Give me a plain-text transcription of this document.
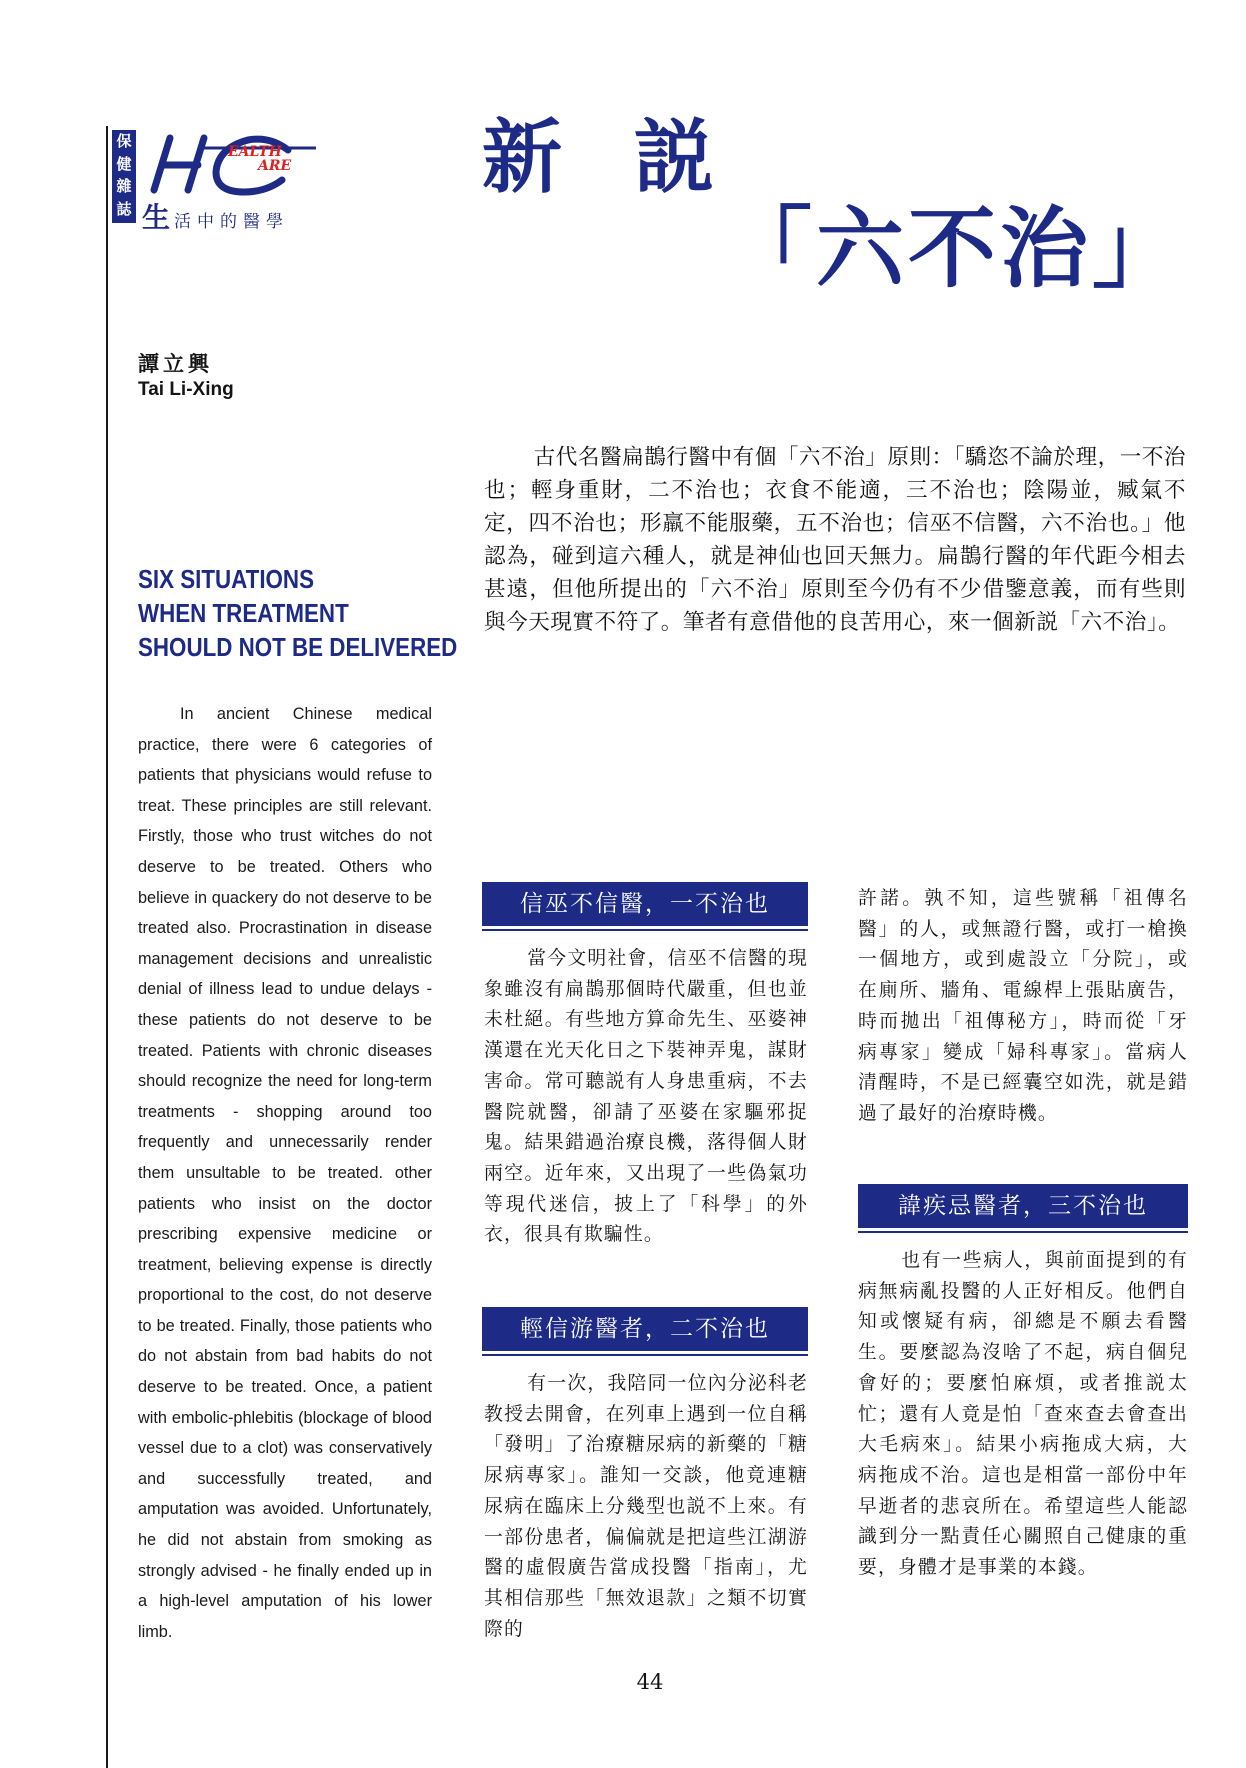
保
健
雜
誌
EALTH
ARE
生活中的醫學
新 説
「六不治」
譚立興
Tai Li-Xing
SIX SITUATIONS
WHEN TREATMENT
SHOULD NOT BE DELIVERED

In ancient Chinese medical practice, there were 6 categories of patients that physicians would refuse to treat. These principles are still relevant. Firstly, those who trust witches do not deserve to be treated. Others who believe in quackery do not deserve to be treated also. Procrastination in disease management decisions and unrealistic denial of illness lead to undue delays - these patients do not deserve to be treated. Patients with chronic diseases should recognize the need for long-term treatments - shopping around too frequently and unnecessarily render them unsultable to be treated. other patients who insist on the doctor prescribing expensive medicine or treatment, believing expense is directly proportional to the cost, do not deserve to be treated. Finally, those patients who do not abstain from bad habits do not deserve to be treated. Once, a patient with embolic-phlebitis (blockage of blood vessel due to a clot) was conservatively and successfully treated, and amputation was avoided. Unfortunately, he did not abstain from smoking as strongly advised - he finally ended up in a high-level amputation of his lower limb.

古代名醫扁鵲行醫中有個「六不治」原則：「驕恣不論於理，一不治也；輕身重財，二不治也；衣食不能適，三不治也；陰陽並，臧氣不定，四不治也；形羸不能服藥，五不治也；信巫不信醫，六不治也。」他認為，碰到這六種人，就是神仙也回天無力。扁鵲行醫的年代距今相去甚遠，但他所提出的「六不治」原則至今仍有不少借鑒意義，而有些則與今天現實不符了。筆者有意借他的良苦用心，來一個新説「六不治」。

信巫不信醫，一不治也

當今文明社會，信巫不信醫的現象雖沒有扁鵲那個時代嚴重，但也並未杜絕。有些地方算命先生、巫婆神漢還在光天化日之下裝神弄鬼，謀財害命。常可聽説有人身患重病，不去醫院就醫，卻請了巫婆在家驅邪捉鬼。結果錯過治療良機，落得個人財兩空。近年來，又出現了一些偽氣功等現代迷信，披上了「科學」的外衣，很具有欺騙性。

輕信游醫者，二不治也

有一次，我陪同一位內分泌科老教授去開會，在列車上遇到一位自稱「發明」了治療糖尿病的新藥的「糖尿病專家」。誰知一交談，他竟連糖尿病在臨床上分幾型也説不上來。有一部份患者，偏偏就是把這些江湖游醫的虛假廣告當成投醫「指南」，尤其相信那些「無效退款」之類不切實際的

許諾。孰不知，這些號稱「祖傳名醫」的人，或無證行醫，或打一槍換一個地方，或到處設立「分院」，或在廁所、牆角、電線桿上張貼廣告，時而拋出「祖傳秘方」，時而從「牙病專家」變成「婦科專家」。當病人清醒時，不是已經囊空如洗，就是錯過了最好的治療時機。

諱疾忌醫者，三不治也

也有一些病人，與前面提到的有病無病亂投醫的人正好相反。他們自知或懷疑有病，卻總是不願去看醫生。要麼認為沒啥了不起，病自個兒會好的；要麼怕麻煩，或者推説太忙；還有人竟是怕「查來查去會查出大毛病來」。結果小病拖成大病，大病拖成不治。這也是相當一部份中年早逝者的悲哀所在。希望這些人能認識到分一點責任心關照自己健康的重要，身體才是事業的本錢。

44
